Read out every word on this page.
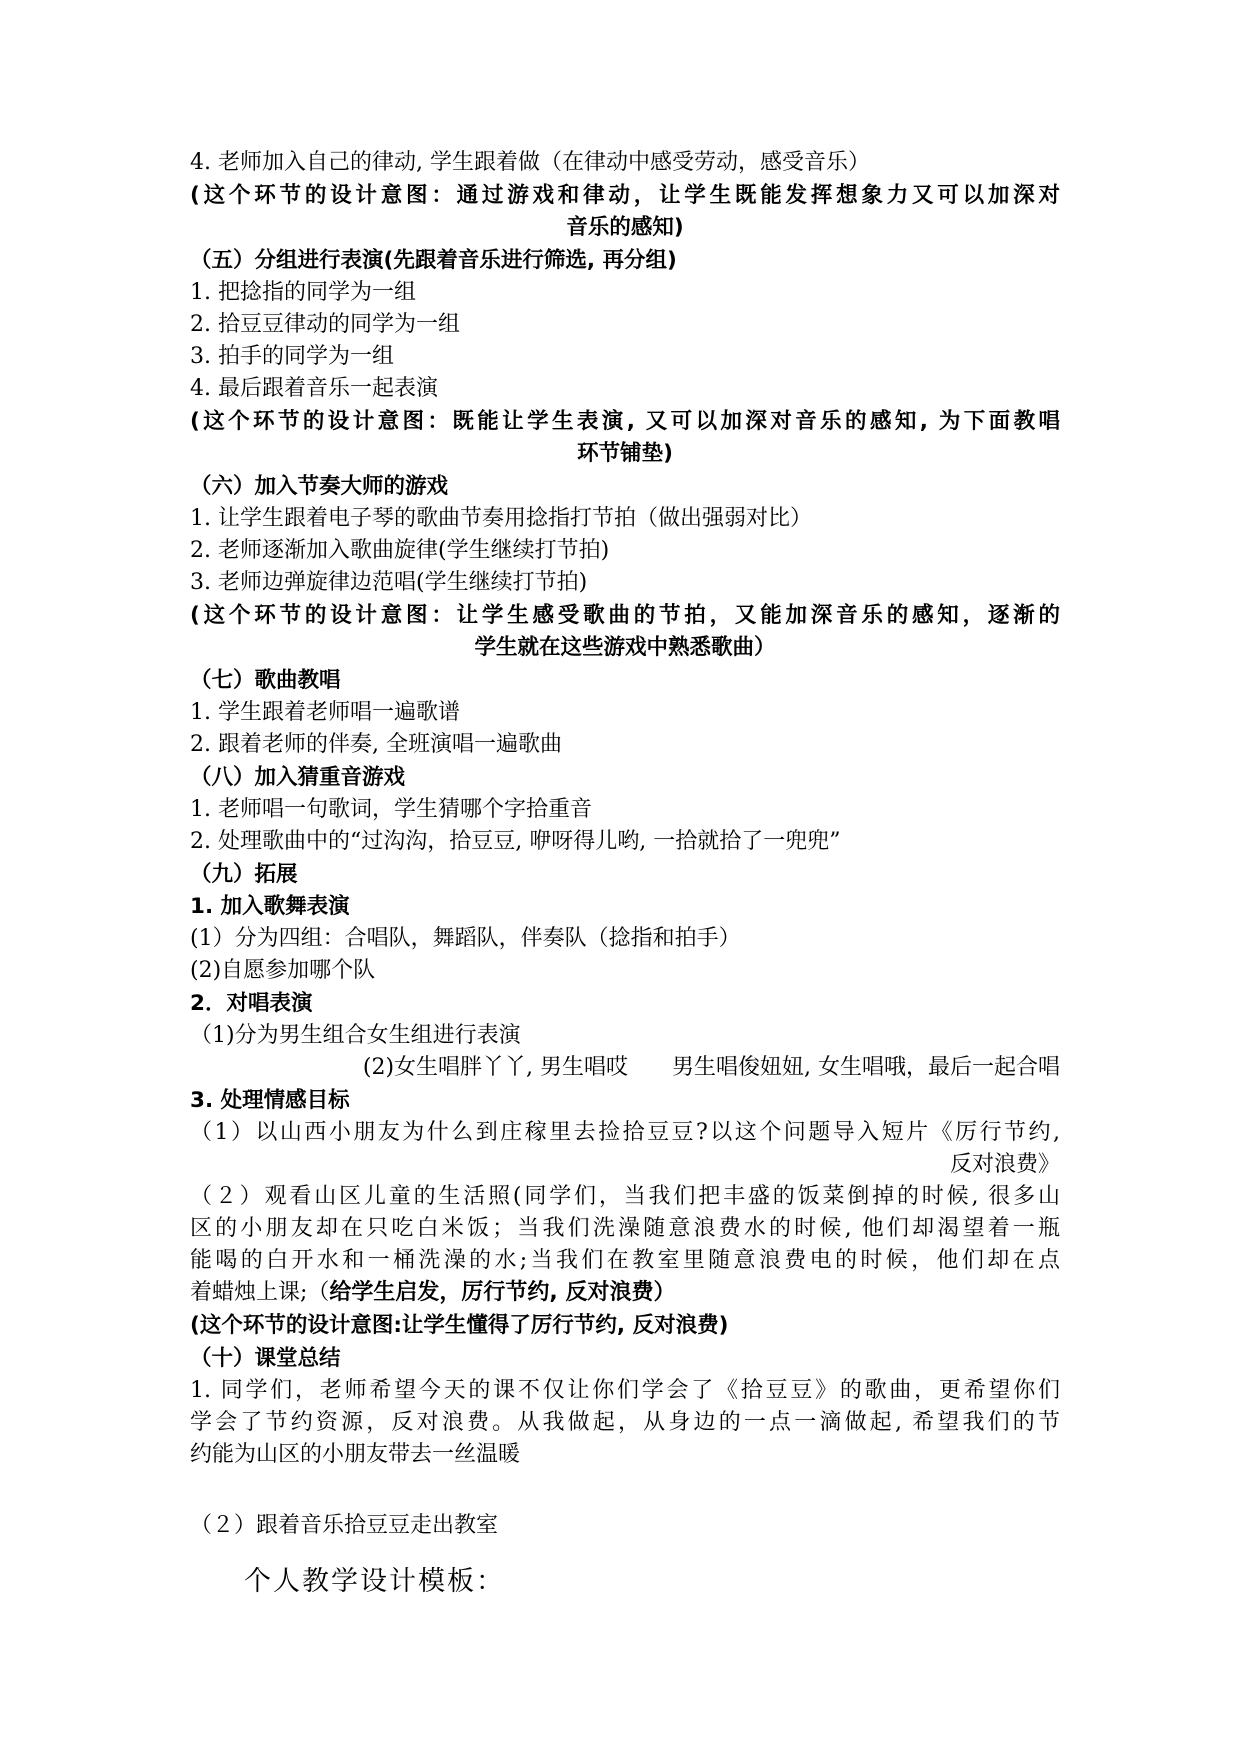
4. 老师加入自己的律动, 学生跟着做（在律动中感受劳动，感受音乐）
(这个环节的设计意图：通过游戏和律动，让学生既能发挥想象力又可以加深对
音乐的感知)
（五）分组进行表演(先跟着音乐进行筛选, 再分组)
1. 把捻指的同学为一组
2. 拾豆豆律动的同学为一组
3. 拍手的同学为一组
4. 最后跟着音乐一起表演
(这个环节的设计意图：既能让学生表演, 又可以加深对音乐的感知, 为下面教唱
环节铺垫)
（六）加入节奏大师的游戏
1. 让学生跟着电子琴的歌曲节奏用捻指打节拍（做出强弱对比）
2. 老师逐渐加入歌曲旋律(学生继续打节拍)
3. 老师边弹旋律边范唱(学生继续打节拍)
(这个环节的设计意图：让学生感受歌曲的节拍，又能加深音乐的感知，逐渐的
学生就在这些游戏中熟悉歌曲）
（七）歌曲教唱
1. 学生跟着老师唱一遍歌谱
2. 跟着老师的伴奏, 全班演唱一遍歌曲
（八）加入猜重音游戏
1. 老师唱一句歌词，学生猜哪个字拾重音
2. 处理歌曲中的“过沟沟，拾豆豆, 咿呀得儿哟, 一拾就拾了一兜兜”
（九）拓展
1. 加入歌舞表演
(1）分为四组：合唱队，舞蹈队，伴奏队（捻指和拍手）
(2)自愿参加哪个队
2．对唱表演
（1)分为男生组合女生组进行表演
(2)女生唱胖丫丫, 男生唱哎　　男生唱俊妞妞, 女生唱哦，最后一起合唱
3. 处理情感目标
（1）以山西小朋友为什么到庄稼里去捡拾豆豆?以这个问题导入短片《厉行节约,
反对浪费》
（２）观看山区儿童的生活照(同学们，当我们把丰盛的饭菜倒掉的时候, 很多山
区的小朋友却在只吃白米饭；当我们洗澡随意浪费水的时候, 他们却渴望着一瓶
能喝的白开水和一桶洗澡的水;当我们在教室里随意浪费电的时候，他们却在点
着蜡烛上课;（给学生启发，厉行节约, 反对浪费）
(这个环节的设计意图:让学生懂得了厉行节约, 反对浪费)
（十）课堂总结
1. 同学们，老师希望今天的课不仅让你们学会了《拾豆豆》的歌曲，更希望你们
学会了节约资源，反对浪费。从我做起，从身边的一点一滴做起, 希望我们的节
约能为山区的小朋友带去一丝温暖
（２）跟着音乐拾豆豆走出教室
个人教学设计模板：
